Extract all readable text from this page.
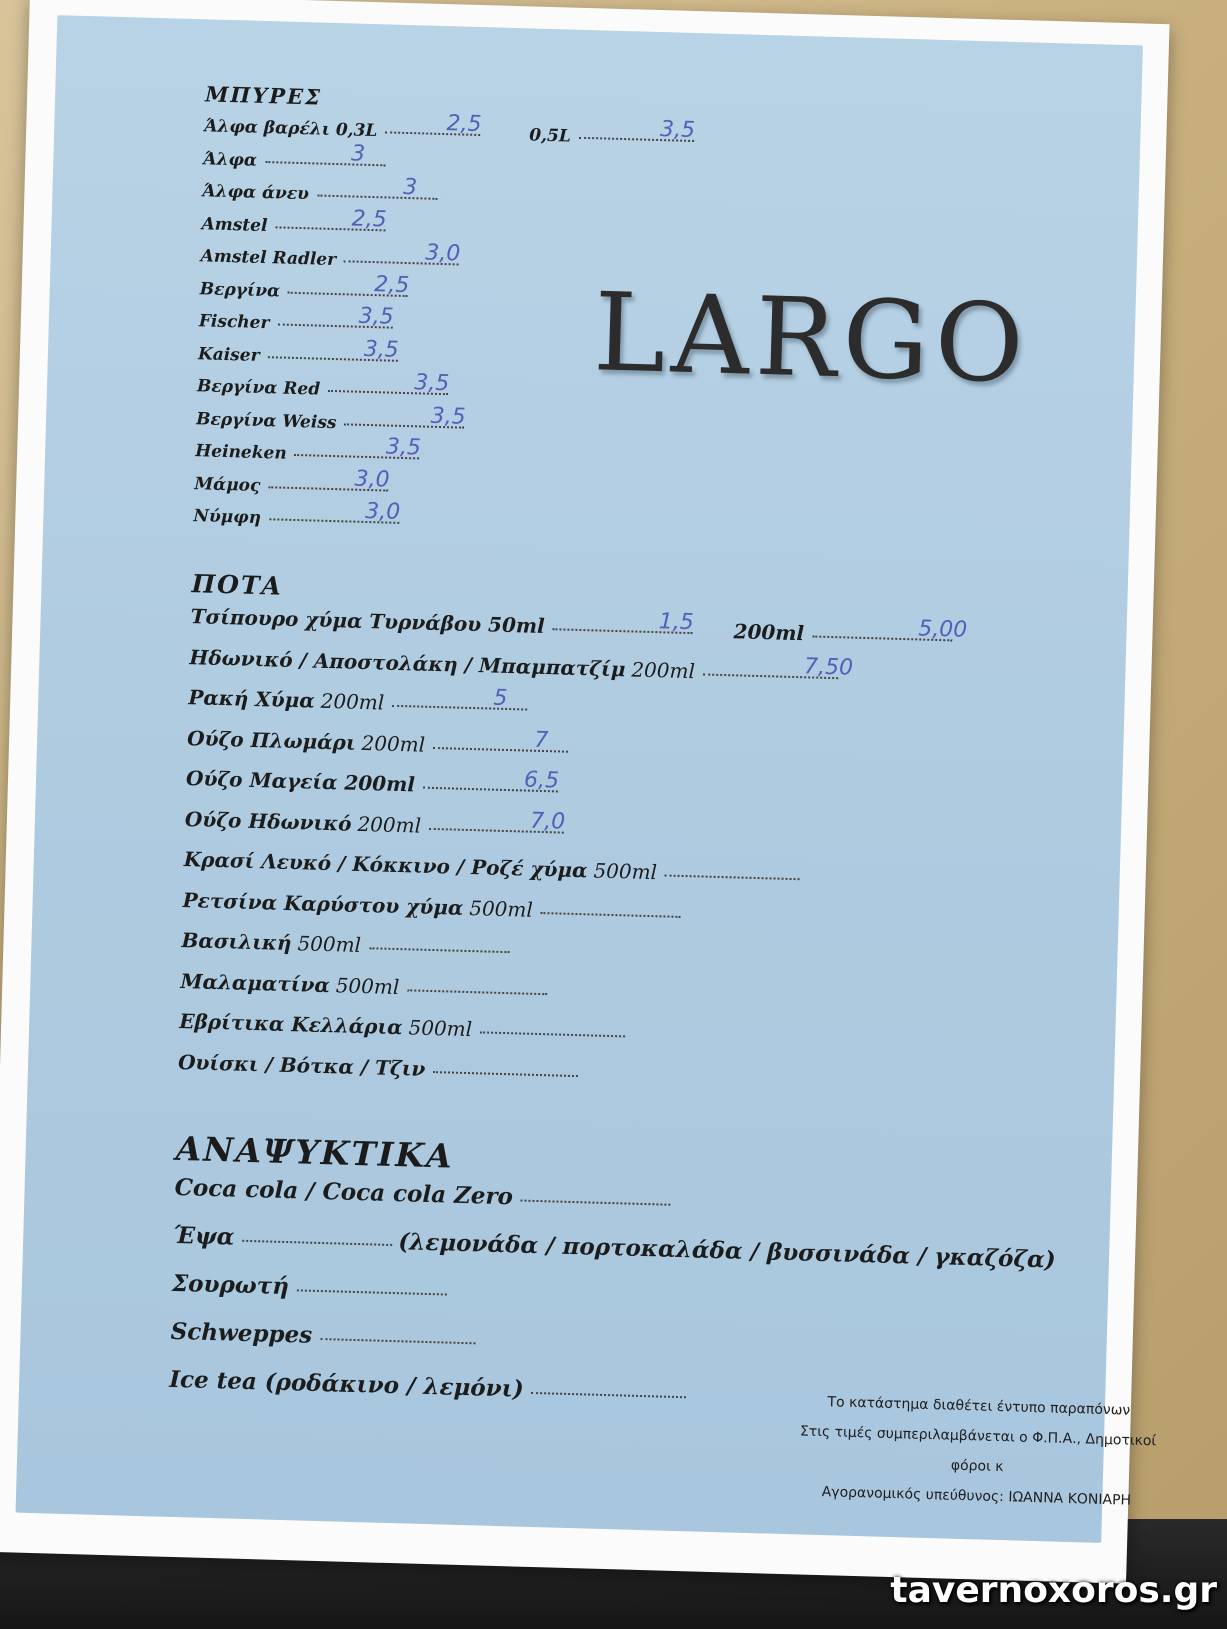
ΜΠΥΡΕΣ
Άλφα βαρέλι 0,3L	2,5	0,5L	3,5
Άλφα	3
Άλφα άνευ	3
Amstel	2,5
Amstel Radler	3,0
Βεργίνα	2,5
Fischer	3,5
Kaiser	3,5
Βεργίνα Red	3,5
Βεργίνα Weiss	3,5
Heineken	3,5
Μάμος	3,0
Νύμφη	3,0
LARGO
ΠΟΤΑ
Τσίπουρο χύμα Τυρνάβου 50ml	1,5 200ml	5,00
Ηδωνικό / Αποστολάκη / Μπαμπατζίμ 200ml	7,50
Ρακή Χύμα 200ml	5
Ούζο Πλωμάρι 200ml	7
Ούζο Μαγεία 200ml	6,5
Ούζο Ηδωνικό 200ml	7,0
Κρασί Λευκό / Κόκκινο / Ροζέ χύμα 500ml
Ρετσίνα Καρύστου χύμα 500ml
Βασιλική 500ml
Μαλαματίνα 500ml
Εβρίτικα Κελλάρια 500ml
Ουίσκι / Βότκα / Τζιν
ΑΝΑΨΥΚΤΙΚΑ
Coca cola / Coca cola Zero
Έψα	(λεμονάδα / πορτοκαλάδα / βυσσινάδα / γκαζόζα)
Σουρωτή
Schweppes
Ice tea (ροδάκινο / λεμόνι)
Το κατάστημα διαθέτει έντυπο παραπόνων
Στις τιμές συμπεριλαμβάνεται ο Φ.Π.Α., Δημοτικοί φόροι κ
Αγορανομικός υπεύθυνος: ΙΩΑΝΝΑ ΚΟΝΙΑΡΗ
tavernoxoros.gr
